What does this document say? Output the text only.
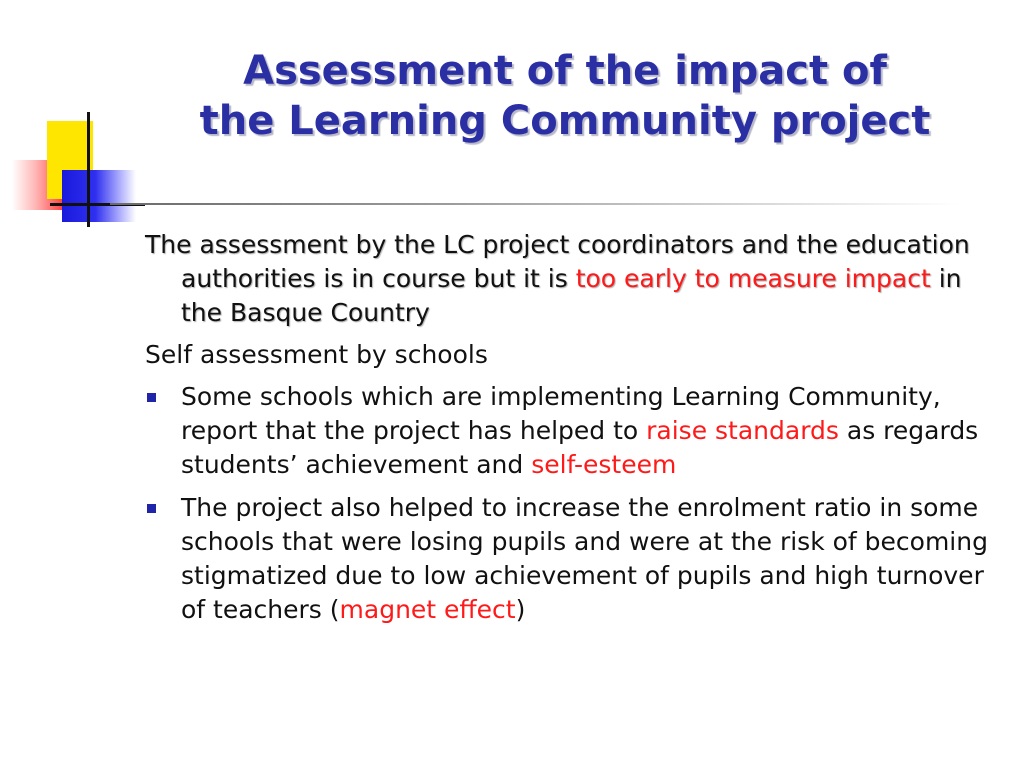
Assessment of the impact of
the Learning Community project

The assessment by the LC project coordinators and the education authorities is in course but it is too early to measure impact in the Basque Country

Self assessment by schools

Some schools which are implementing Learning Community, report that the project has helped to raise standards as regards students’ achievement and self-esteem
The project also helped to increase the enrolment ratio in some schools that were losing pupils and were at the risk of becoming stigmatized due to low achievement of pupils and high turnover of teachers (magnet effect)
